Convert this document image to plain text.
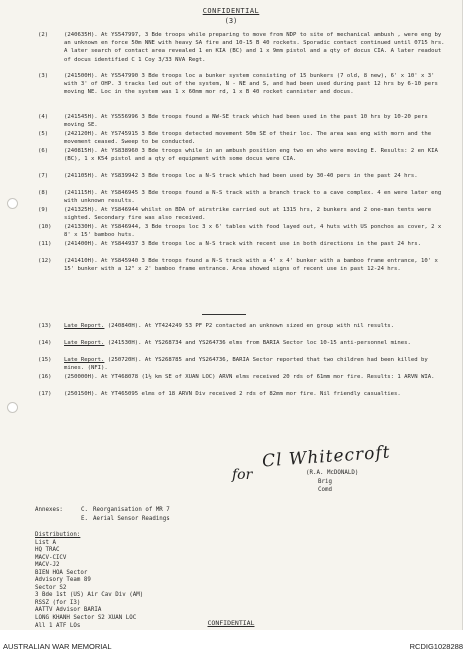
CONFIDENTIAL
(3)
(2)	(240635H). At YS547997, 3 Bde troops while preparing to move from NDP to site of mechanical ambush , were eng by an unknown en force 50m NNE with heavy SA fire and 10-15 B 40 rockets. Sporadic contact continued until 0715 hrs. A later search of contact area revealed 1 en KIA (BC) and 1 x 9mm pistol and a qty of docus CIA. A later readout of docus identified C 1 Coy 3/33 NVA Regt.
(3)	(241500H). At YS547990 3 Bde troops loc a bunker system consisting of 15 bunkers (7 old, 8 new), 6' x 10' x 3' with 3' of OHP. 3 tracks led out of the system, N - NE and S, and had been used during past 12 hrs by 6-10 pers moving NE. Loc in the system was 1 x 60mm mor rd, 1 x B 40 rocket cannister and docus.
(4)	(241545H). At YS556996 3 Bde troops found a NW-SE track which had been used in the past 10 hrs by 10-20 pers moving SE.
(5)	(242120H). At YS745915 3 Bde troops detected movement 50m SE of their loc. The area was eng with morn and the movement ceased. Sweep to be conducted.
(6)	(240815H). At YS838960 3 Bde troops while in an ambush position eng two en who were moving E. Results: 2 en KIA (BC), 1 x K54 pistol and a qty of equipment with some docus were CIA.
(7)	(241105H). At YS839942 3 Bde troops loc a N-S track which had been used by 30-40 pers in the past 24 hrs.
(8)	(241115H). At YS846945 3 Bde troops found a N-S track with a branch track to a cave complex. 4 en were later eng with unknown results.
(9)	(241325H). At YS846944 whilst on BDA of airstrike carried out at 1315 hrs, 2 bunkers and 2 one-man tents were sighted. Secondary fire was also received.
(10)	(241330H). At YS846944, 3 Bde troops loc 3 x 6' tables with food layed out, 4 huts with US ponchos as cover, 2 x 8' x 15' bamboo huts.
(11)	(241400H). At YS844937 3 Bde troops loc a N-S track with recent use in both directions in the past 24 hrs.
(12)	(241410H). At YS845940 3 Bde troops found a N-S track with a 4' x 4' bunker with a bamboo frame entrance, 10' x 15' bunker with a 12" x 2' bamboo frame entrance. Area showed signs of recent use in past 12-24 hrs.
(13)	Late Report. (240840H). At YT424249 53 PF P2 contacted an unknown sized en group with nil results.
(14)	Late Report. (241530H). At YS268734 and YS264736 elms from BARIA Sector loc 10-15 anti-personnel mines.
(15)	Late Report. (250720H). At YS268785 and YS264736, BARIA Sector reported that two children had been killed by mines. (NFI).
(16)	(250000H). At YT468078 (1½ km SE of XUAN LOC) ARVN elms received 20 rds of 61mm mor fire. Results: 1 ARVN WIA.
(17)	(250150H). At YT465095 elms of 18 ARVN Div received 2 rds of 82mm mor fire. Nil friendly casualties.
Cl Whitecroft
for	(R.A. McDONALD)
Brig
Comd
Annexes:	C. Reorganisation of MR 7
E. Aerial Sensor Readings
Distribution:
List A
HQ TRAC
MACV-CICV
MACV-J2
BIEN HOA Sector
Advisory Team 89
Sector S2
3 Bde 1st (US) Air Cav Div (AM)
RSSZ (for I3)
AATTV Advisor BARIA
LONG KHANH Sector S2 XUAN LOC
All 1 ATF LOs	CONFIDENTIAL
AUSTRALIAN WAR MEMORIAL	RCDIG1028288
